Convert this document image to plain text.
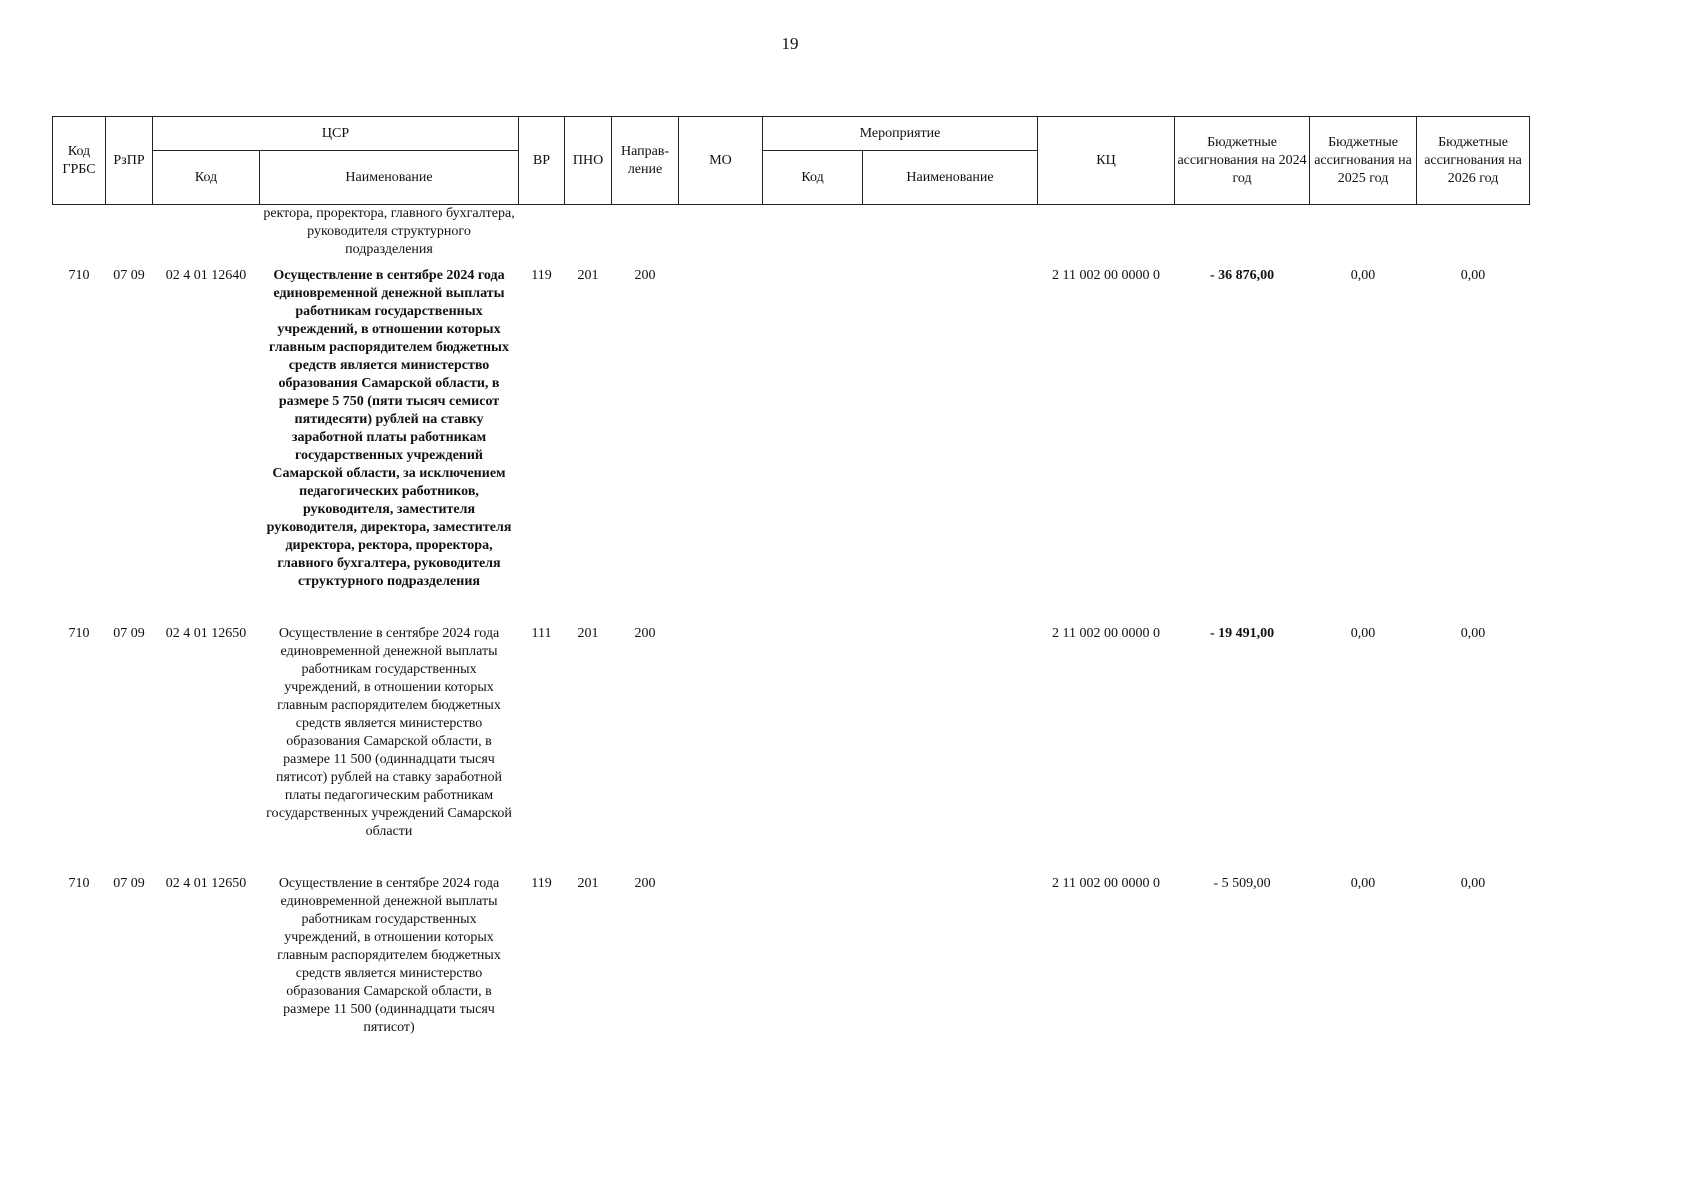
19
Код ГРБС	РзПР	ЦСР		ВР	ПНО	Направ-ление	МО	Мероприятие		КЦ	Бюджетные ассигнования на 2024 год	Бюджетные ассигнования на 2025 год	Бюджетные ассигнования на 2026 год
		Код	Наименование					Код	Наименование				
			ректора, проректора, главного бухгалтера, руководителя структурного подразделения										
710	07 09	02 4 01 12640	Осуществление в сентябре 2024 года единовременной денежной выплаты работникам государственных учреждений, в отношении которых главным распорядителем бюджетных средств является министерство образования Самарской области, в размере 5 750 (пяти тысяч семисот пятидесяти) рублей на ставку заработной платы работникам государственных учреждений Самарской области, за исключением педагогических работников, руководителя, заместителя руководителя, директора, заместителя директора, ректора, проректора, главного бухгалтера, руководителя структурного подразделения	119	201	200				2 11 002 00 0000 0	- 36 876,00	0,00	0,00
710	07 09	02 4 01 12650	Осуществление в сентябре 2024 года единовременной денежной выплаты работникам государственных учреждений, в отношении которых главным распорядителем бюджетных средств является министерство образования Самарской области, в размере 11 500 (одиннадцати тысяч пятисот) рублей на ставку заработной платы педагогическим работникам государственных учреждений Самарской области	111	201	200				2 11 002 00 0000 0	- 19 491,00	0,00	0,00
710	07 09	02 4 01 12650	Осуществление в сентябре 2024 года единовременной денежной выплаты работникам государственных учреждений, в отношении которых главным распорядителем бюджетных средств является министерство образования Самарской области, в размере 11 500 (одиннадцати тысяч пятисот)	119	201	200				2 11 002 00 0000 0	- 5 509,00	0,00	0,00
